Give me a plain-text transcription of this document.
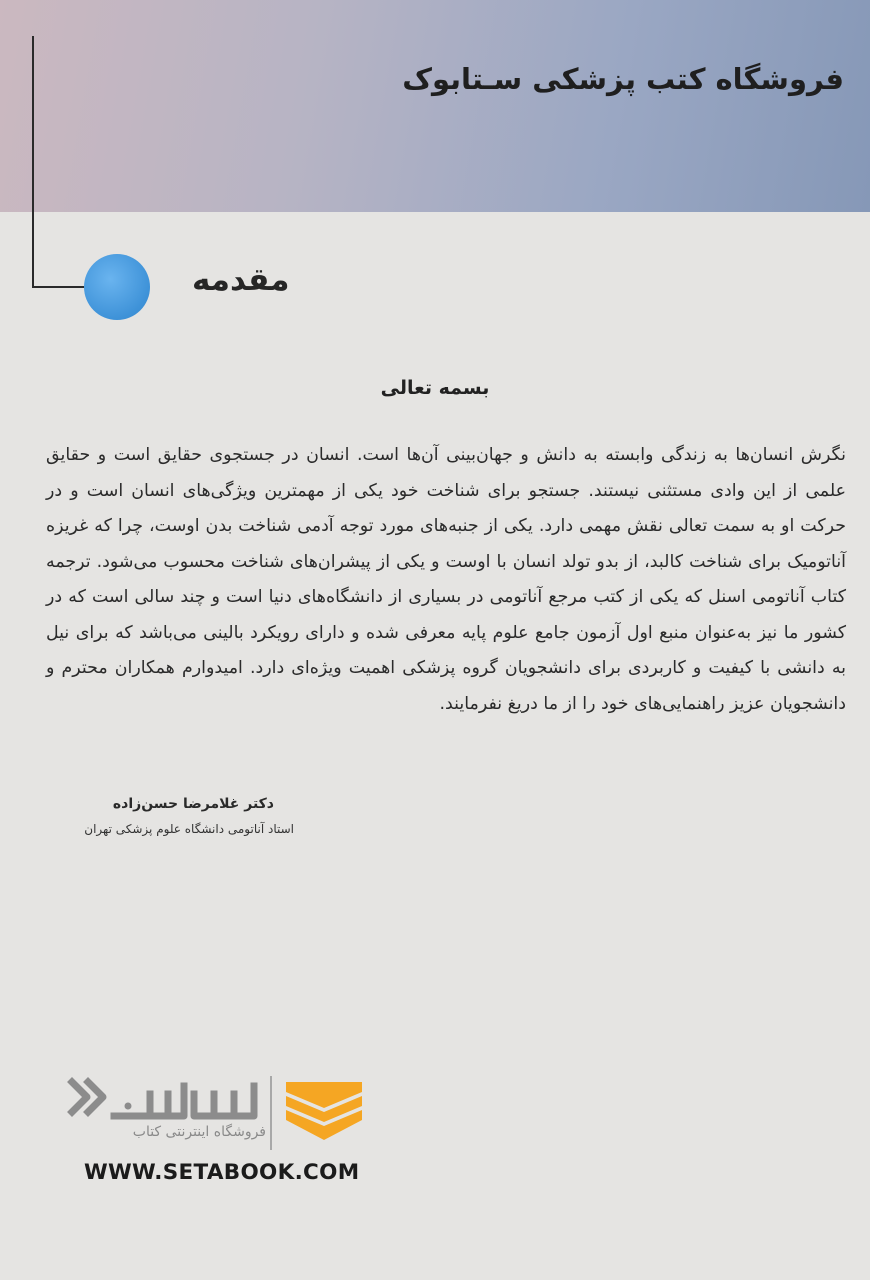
فروشگاه کتب پزشکی سـتابوک
مقدمه
بسمه تعالی
نگرش انسان‌ها به زندگی وابسته به دانش و جهان‌بینی آن‌ها است. انسان در جستجوی حقایق است و حقایق علمی از این وادی مستثنی نیستند. جستجو برای شناخت خود یکی از مهمترین ویژگی‌های انسان است و در حرکت او به سمت تعالی نقش مهمی دارد. یکی از جنبه‌های مورد توجه آدمی شناخت بدن اوست، چرا که غریزه آناتومیک برای شناخت کالبد، از بدو تولد انسان با اوست و یکی از پیشران‌های شناخت محسوب می‌شود. ترجمه کتاب آناتومی اسنل که یکی از کتب مرجع آناتومی در بسیاری از دانشگاه‌های دنیا است و چند سالی است که در کشور ما نیز به‌عنوان منبع اول آزمون جامع علوم پایه معرفی شده و دارای رویکرد بالینی می‌باشد که برای نیل به دانشی با کیفیت و کاربردی برای دانشجویان گروه پزشکی اهمیت ویژه‌ای دارد. امیدوارم همکاران محترم و دانشجویان عزیز راهنمایی‌های خود را از ما دریغ نفرمایند.
دکتر غلامرضا حسن‌زاده
استاد آناتومی دانشگاه علوم پزشکی تهران
فروشگاه اینترنتی کتاب
WWW.SETABOOK.COM
